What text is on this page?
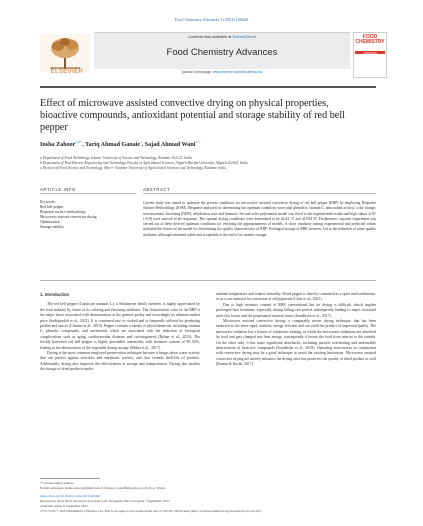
Food Chemistry Advances 3 (2023) 100440
ELSEVIER
Contents lists available at ScienceDirect
Food Chemistry Advances
journal homepage: www.elsevier.com/locate/focha
FOOD
CHEMISTRY
ADVANCES
Effect of microwave assisted convective drying on physical properties, bioactive compounds, antioxidant potential and storage stability of red bell pepper
Insha Zahoor$^{a,b,*}$, Tariq Ahmad Ganaie$^a$, Sajad Ahmad Wani$^{a,*}$
a Department of Food Technology, Islamic University of Science and Technology, Kashmir 192122, India
b Department of Post-Harvest Engineering and Technology, Faculty of Agricultural Sciences, Aligarh Muslim University, Aligarh 202002, India
c Division of Food Science and Technology, Sher-e- Kashmir University of Agricultural Sciences and Technology, Kashmir, India
ARTICLE INFO	ABSTRACT
Keywords:
Red bell pepper
Response surface methodology
Microwave assisted convective drying
Optimization
Storage stability
Current study was aimed to optimize the process conditions for microwave assisted convective drying of red bell pepper (RBP) by employing Response Surface Methodology (RSM). Response analyzed for determining the optimum conditions were total phenolics, vitamin C, antioxidant activity, color change, non-enzymatic browning (NEB), rehydration ratio and firmness. Second order polynomial model was fitted to the experimental results and high values of R² (~0.9) were noticed in all responses. The optimal drying conditions were determined to be 62.44 °C and 418.84 W. Furthermore, separate experiment was carried out at these derived optimum conditions for verifying the appropriateness of models. A close similarity among experimental and predicted values indicated the fitness of the model for determining the quality characteristics of RBP. Prolonged storage of RBP, however, led to the reduction of some quality attributes, although remained stable and acceptable at the end of six months storage.
1. Introduction

The red bell pepper (Capsicum annuum L.), a Solanaceae family member, is highly appreciated by the food industry by virtue of its coloring and flavoring attributes. The characteristic color of the RBP is the major factor associated with determination of the general quality and accordingly its ultimate market price (Sadiqizadeh et al., 2021). It is consumed raw or cooked and is frequently utilized for producing pickles and sauces (Cheema et al., 2019). Pepper contains a variety of phytochemicals, including vitamin C, phenolic compounds, and carotenoids which are associated with the reduction of biological complications such as aging, cardiovascular diseases and carcinogenesis (Ryhan et al., 2023). The freshly harvested red bell pepper is highly perishable commodity with moisture content of 90–92%, leading to the deterioration of the vegetable during storage (Mehta et al., 2017).

Drying is the most common employed preservation technique because it brings down water activity that can protect against microbes and enzymatic activity, and thus extends shelf-life of produce. Additionally, drying also improves the effectiveness of storage and transportation. Drying also enables the storage of dried products under

ambient temperature and relative humidity. Dried pepper is directly consumed as a spice and condiments, or as a raw material for extraction of red pigments (Chen et al., 2021).

Due to high moisture content of RBP, conventional hot air drying is difficult, which implies prolonged heat treatment, especially during falling rate period, subsequently leading to major structural and color losses and the perpetuated nutrient losses (Sandhisha et al., 2017).

Microwave assisted convective drying; a comparably newer drying technique, that has been endorsed as the more rapid, uniform, energy efficient and can yield the product of improved quality. The microwave radiation has a feature of volumetric heating, in which the microwave radiations are absorbed by food and gets changed into heat energy, consequently it boosts the food from interior to the outside. On the other side, it has some significant drawbacks, including particle overheating and undesirable deterioration of bioactive compounds (Soudhisha et al., 2019). Operating microwaves in conjunction with convective drying may be a good technique to avoid the existing limitations. Microwave assisted convective drying not merely enhances the drying rates but preserves the quality of dried product as well (Kumar & Kaslis, 2017).

* Corresponding authors.
E-mail addresses: insha.zahoor@gmail.com (I. Zahoor), sajad89@outlook.com (S.A. Wani).
https://doi.org/10.1016/j.focha.2023.100440
Received in April 2023; Received in revised form 16 August 2023; Accepted 7 September 2023
Available online 9 September 2023
2772-753X/© 2023 Published by Elsevier Ltd. This is an open access article under the CC BY-NC-ND license (http://creativecommons.org/licenses/by-nc-nd/4.0/).
